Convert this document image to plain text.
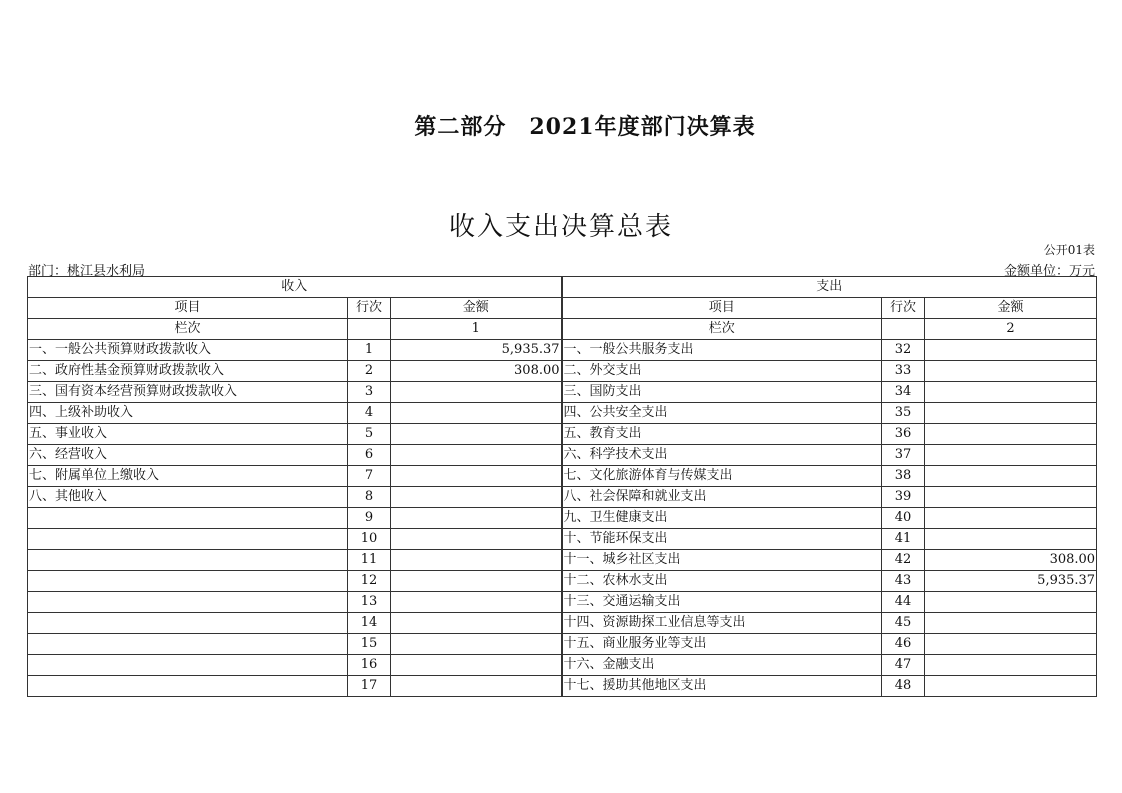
第二部分　2021年度部门决算表
收入支出决算总表
公开01表
部门：桃江县水利局	金额单位：万元
收入			支出		
项目	行次	金额	项目	行次	金额
栏次		1	栏次		2
一、一般公共预算财政拨款收入	1	5,935.37	一、一般公共服务支出	32	
二、政府性基金预算财政拨款收入	2	308.00	二、外交支出	33	
三、国有资本经营预算财政拨款收入	3		三、国防支出	34	
四、上级补助收入	4		四、公共安全支出	35	
五、事业收入	5		五、教育支出	36	
六、经营收入	6		六、科学技术支出	37	
七、附属单位上缴收入	7		七、文化旅游体育与传媒支出	38	
八、其他收入	8		八、社会保障和就业支出	39	
	9		九、卫生健康支出	40	
	10		十、节能环保支出	41	
	11		十一、城乡社区支出	42	308.00
	12		十二、农林水支出	43	5,935.37
	13		十三、交通运输支出	44	
	14		十四、资源勘探工业信息等支出	45	
	15		十五、商业服务业等支出	46	
	16		十六、金融支出	47	
	17		十七、援助其他地区支出	48	
